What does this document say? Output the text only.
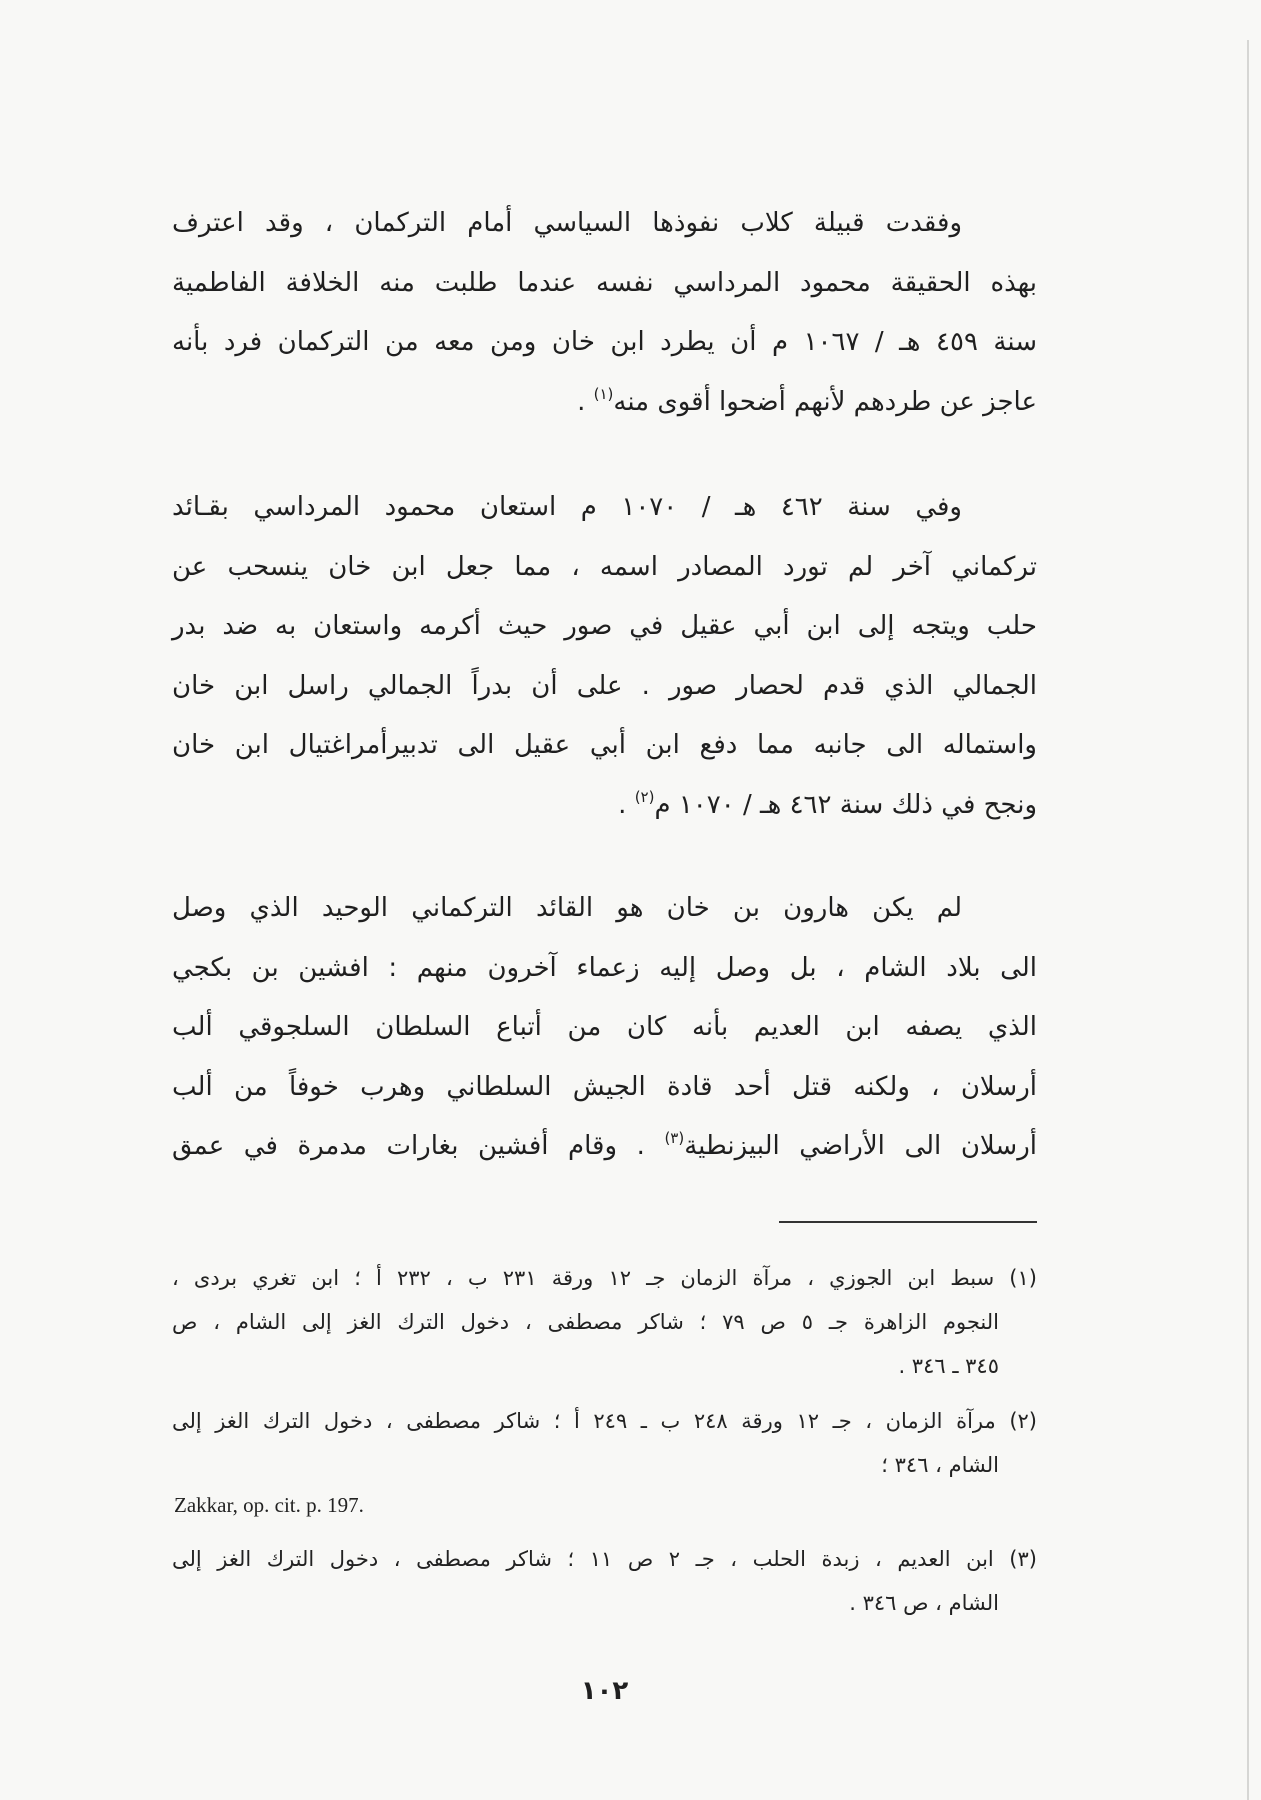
وفقدت قبيلة كلاب نفوذها السياسي أمام التركمان ، وقد اعترف
بهذه الحقيقة محمود المرداسي نفسه عندما طلبت منه الخلافة الفاطمية
سنة ٤٥٩ هـ / ١٠٦٧ م أن يطرد ابن خان ومن معه من التركمان فرد بأنه
عاجز عن طردهم لأنهم أضحوا أقوى منه$^{(١)}$ .
وفي سنة ٤٦٢ هـ / ١٠٧٠ م استعان محمود المرداسي بقـائد
تركماني آخر لم تورد المصادر اسمه ، مما جعل ابن خان ينسحب عن
حلب ويتجه إلى ابن أبي عقيل في صور حيث أكرمه واستعان به ضد بدر
الجمالي الذي قدم لحصار صور . على أن بدراً الجمالي راسل ابن خان
واستماله الى جانبه مما دفع ابن أبي عقيل الى تدبيرأمراغتيال ابن خان
ونجح في ذلك سنة ٤٦٢ هـ / ١٠٧٠ م$^{(٢)}$ .
لم يكن هارون بن خان هو القائد التركماني الوحيد الذي وصل
الى بلاد الشام ، بل وصل إليه زعماء آخرون منهم : افشين بن بكجي
الذي يصفه ابن العديم بأنه كان من أتباع السلطان السلجوقي ألب
أرسلان ، ولكنه قتل أحد قادة الجيش السلطاني وهرب خوفاً من ألب
أرسلان الى الأراضي البيزنطية$^{(٣)}$ . وقام أفشين بغارات مدمرة في عمق
(١) سبط ابن الجوزي ، مرآة الزمان جـ ١٢ ورقة ٢٣١ ب ، ٢٣٢ أ ؛ ابن تغري بردى ،
النجوم الزاهرة جـ ٥ ص ٧٩ ؛ شاكر مصطفى ، دخول الترك الغز إلى الشام ، ص
٣٤٥ ـ ٣٤٦ .
(٢) مرآة الزمان ، جـ ١٢ ورقة ٢٤٨ ب ـ ٢٤٩ أ ؛ شاكر مصطفى ، دخول الترك الغز إلى
الشام ، ٣٤٦ ؛
Zakkar, op. cit. p. 197.
(٣) ابن العديم ، زبدة الحلب ، جـ ٢ ص ١١ ؛ شاكر مصطفى ، دخول الترك الغز إلى
الشام ، ص ٣٤٦ .
١٠٢
